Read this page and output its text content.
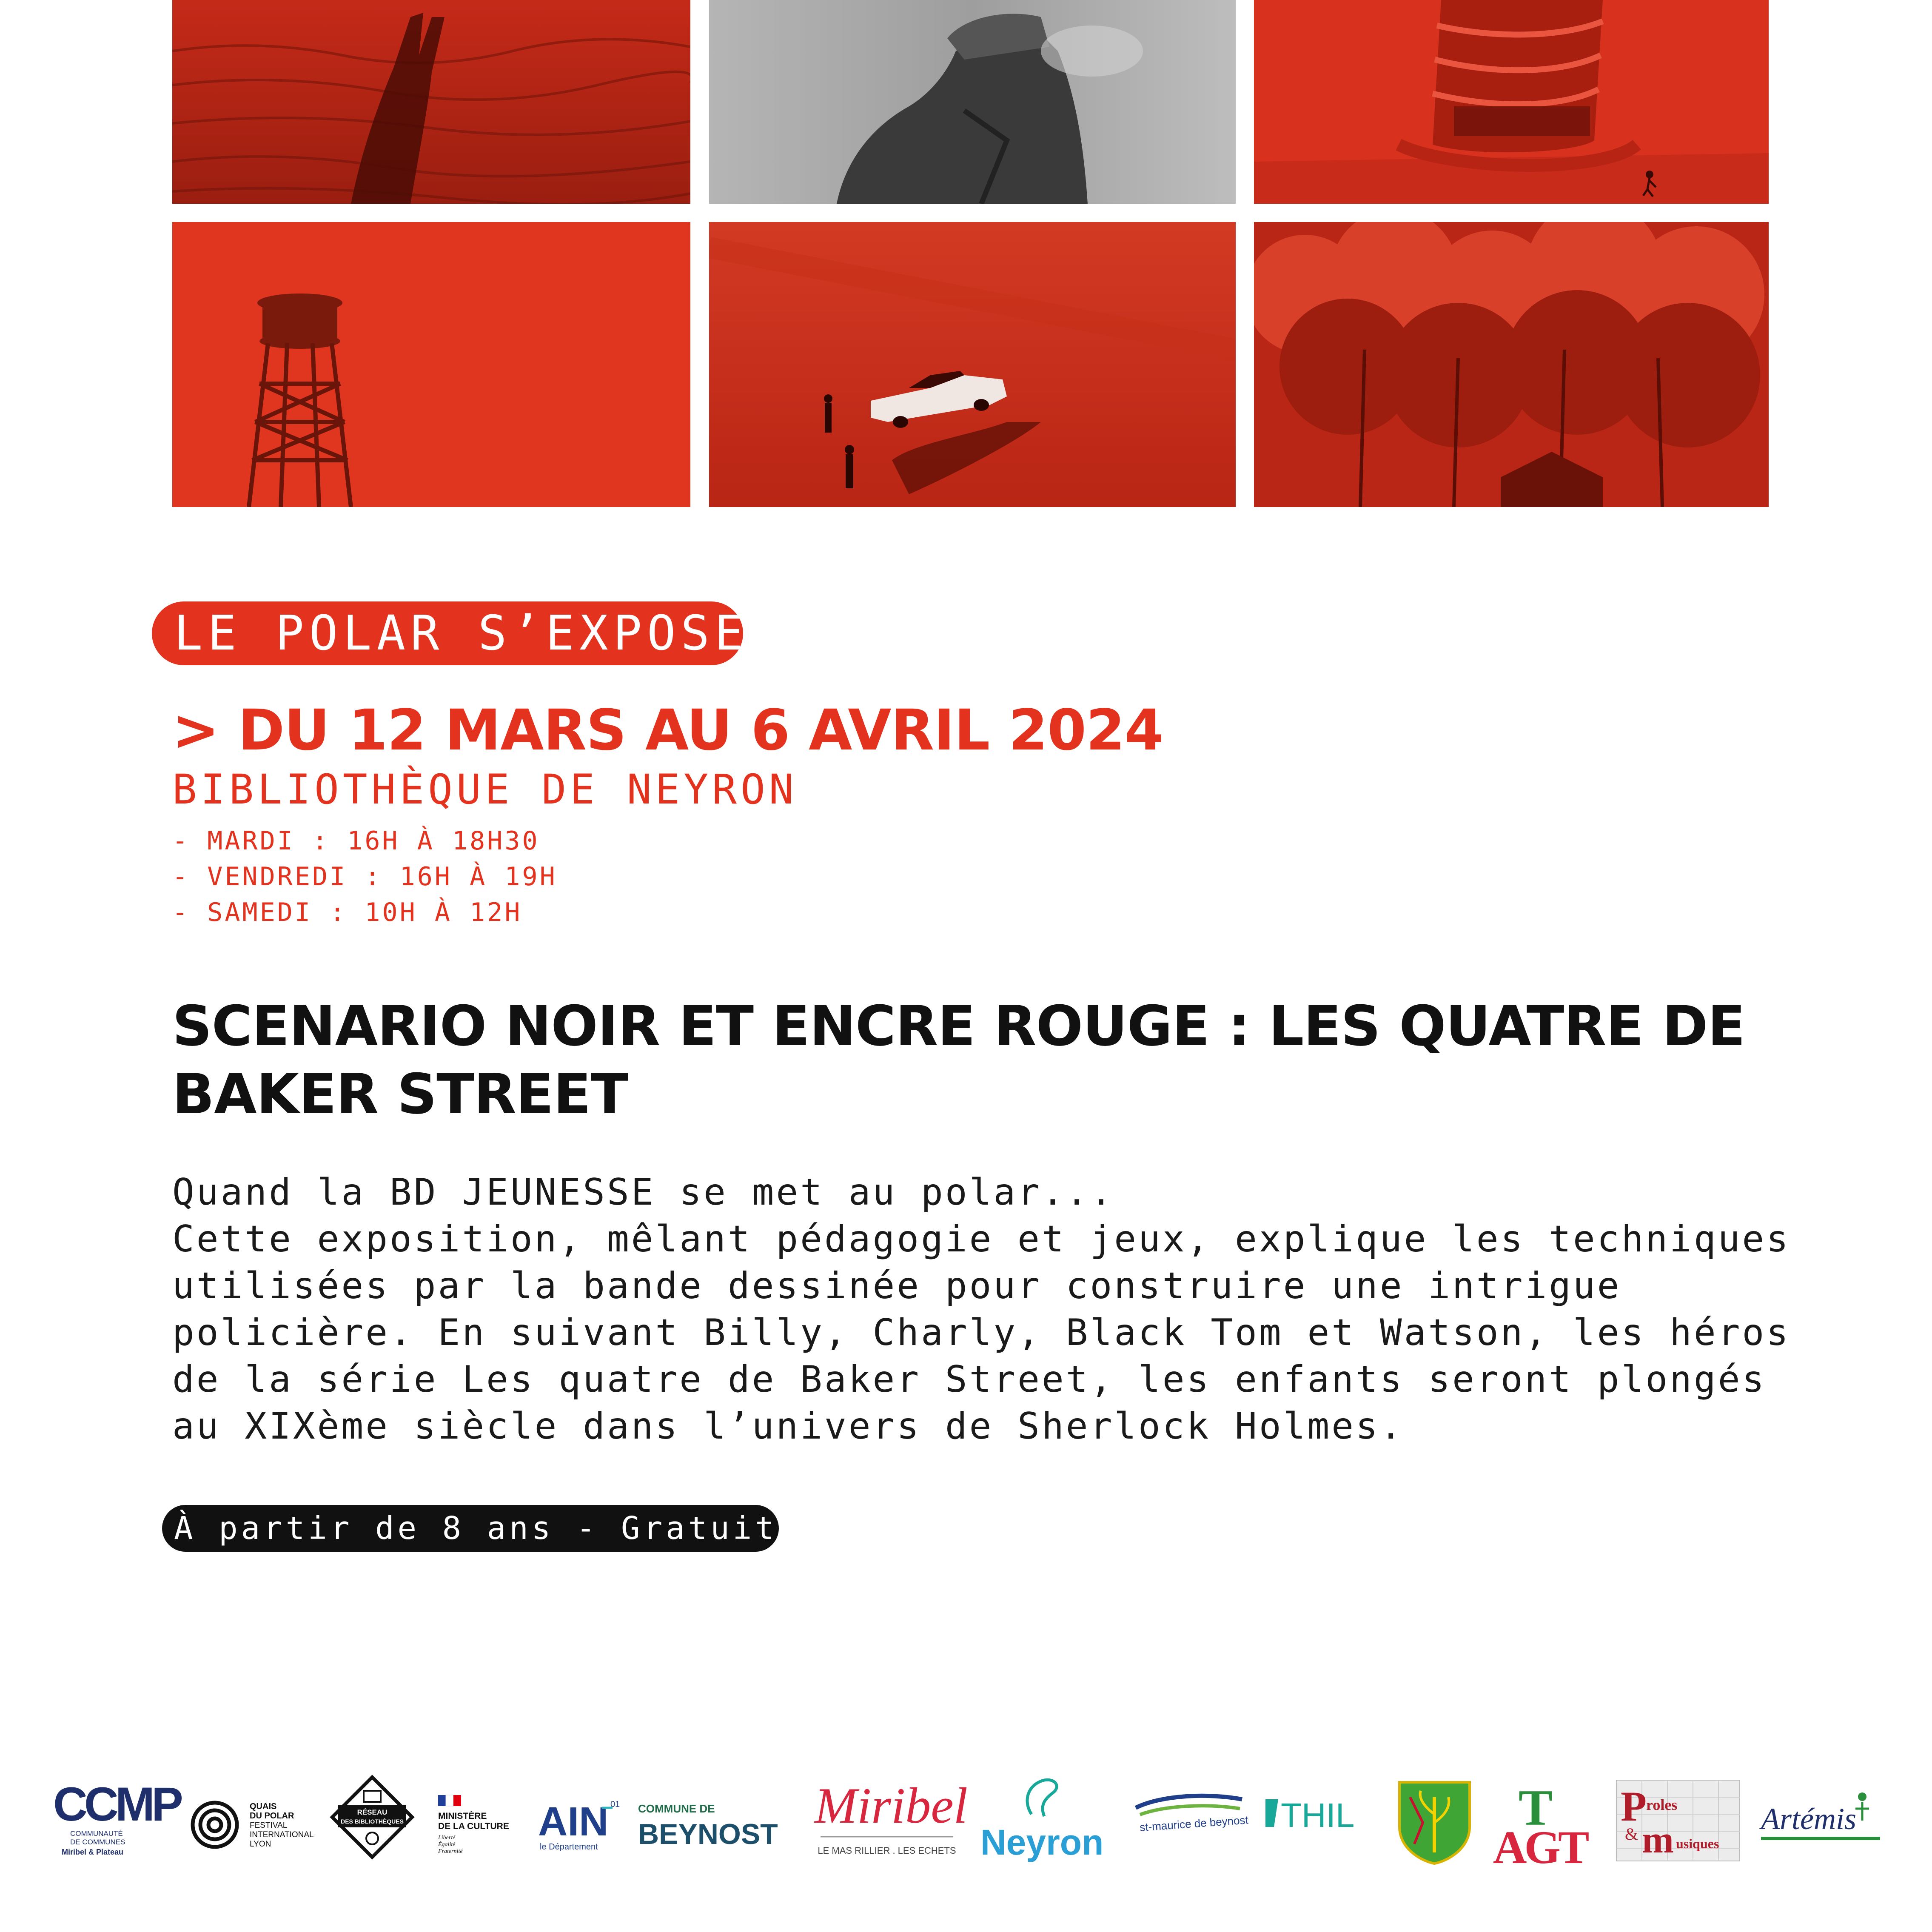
LE POLAR S’EXPOSE
> DU 12 MARS AU 6 AVRIL 2024
BIBLIOTHÈQUE DE NEYRON
- MARDI : 16H À 18H30
- VENDREDI : 16H À 19H
- SAMEDI : 10H À 12H
SCENARIO NOIR ET ENCRE ROUGE : LES QUATRE DE
BAKER STREET
Quand la BD JEUNESSE se met au polar...
Cette exposition, mêlant pédagogie et jeux, explique les techniques
utilisées par la bande dessinée pour construire une intrigue
policière. En suivant Billy, Charly, Black Tom et Watson, les héros
de la série Les quatre de Baker Street, les enfants seront plongés
au XIXème siècle dans l’univers de Sherlock Holmes.
À partir de 8 ans - Gratuit
CCMP
COMMUNAUTÉ
DE COMMUNES
Miribel & Plateau
QUAIS
DU POLAR
FESTIVAL
INTERNATIONAL
LYON
RÉSEAU
DES BIBLIOTHÈQUES
MINISTÈRE
DE LA CULTURE
Liberté
Égalité
Fraternité
AIN 01
le Département
COMMUNE DE
BEYNOST
Miribel
LE MAS RILLIER . LES ECHETS Neyron	st-maurice de beynost THIL	T
AGT
P
roles
& m usiques
Artémis
